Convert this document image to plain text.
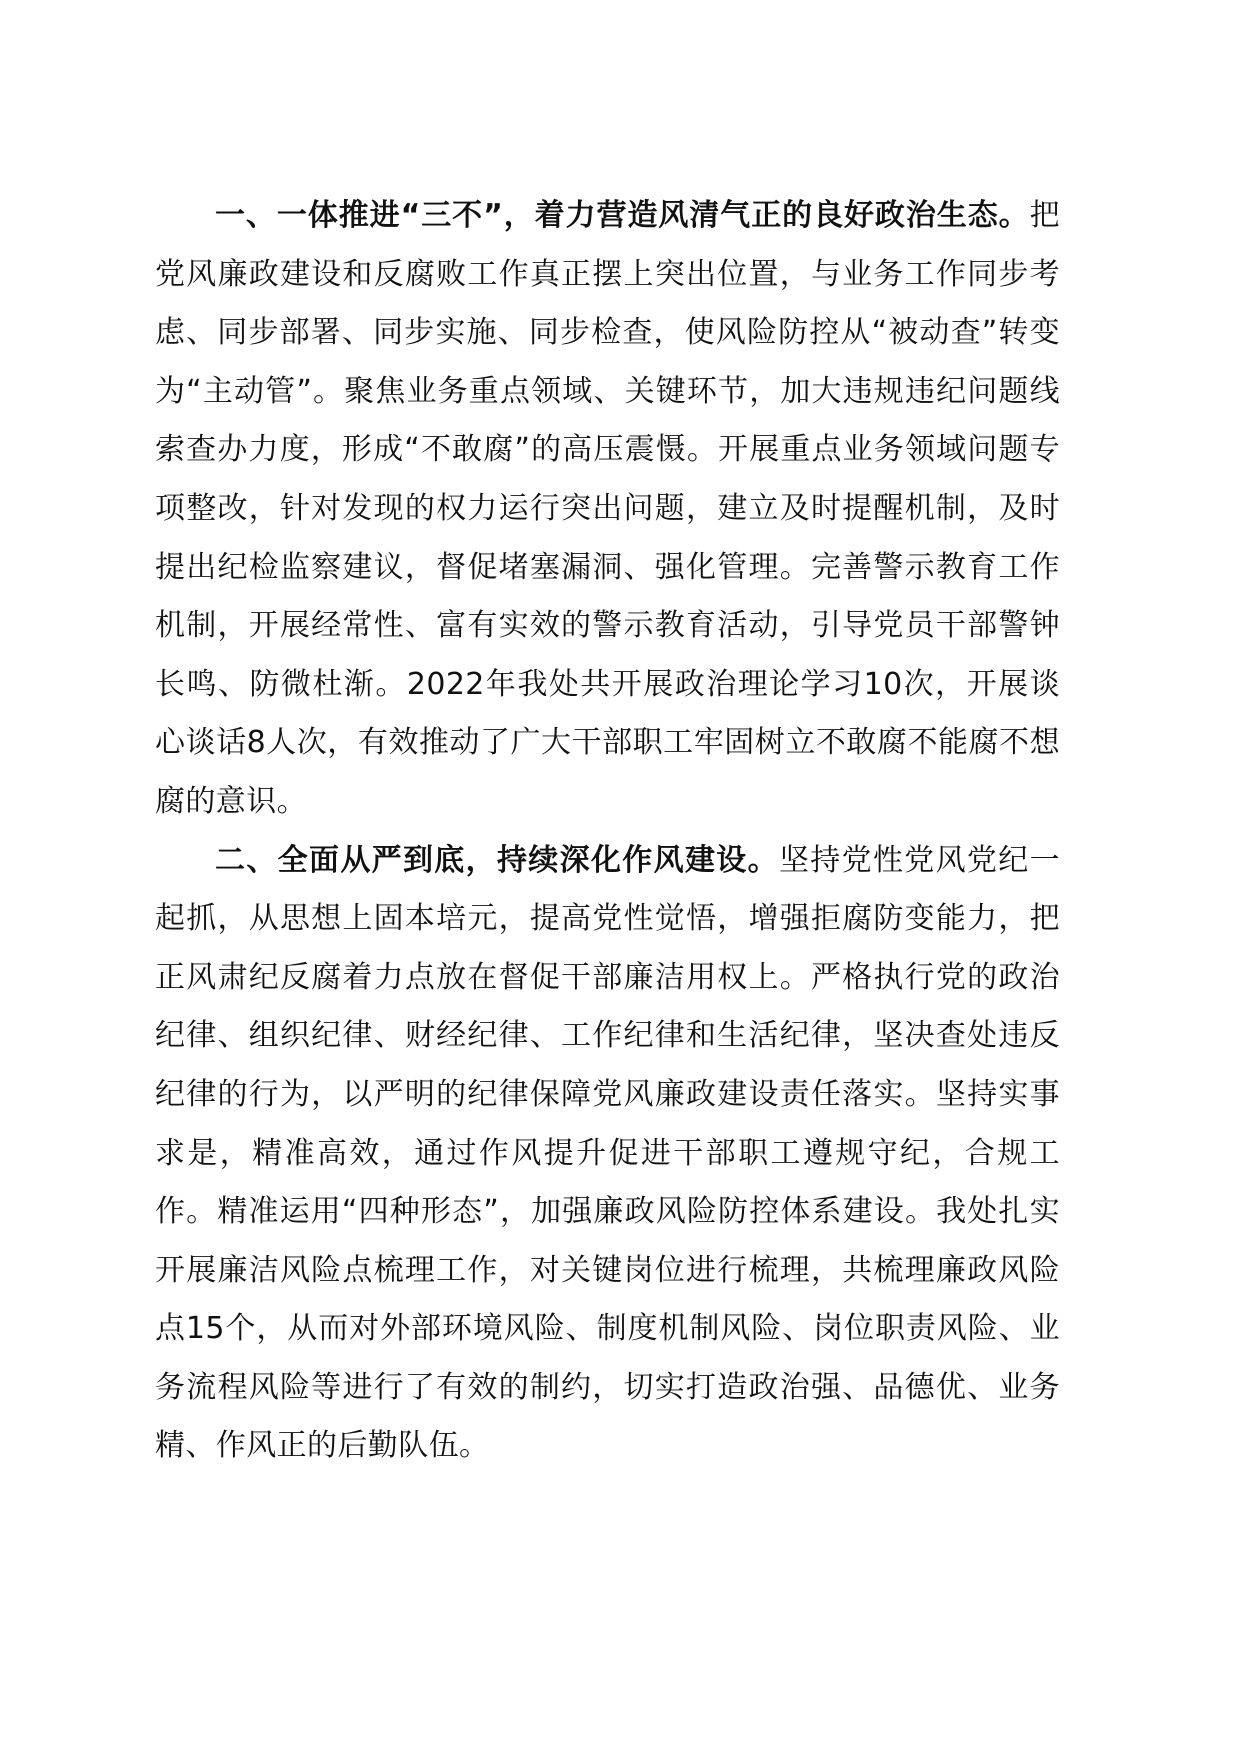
一、一体推进“三不”，着力营造风清气正的良好政治生态。把党风廉政建设和反腐败工作真正摆上突出位置，与业务工作同步考虑、同步部署、同步实施、同步检查，使风险防控从“被动查”转变为“主动管”。聚焦业务重点领域、关键环节，加大违规违纪问题线索查办力度，形成“不敢腐”的高压震慑。开展重点业务领域问题专项整改，针对发现的权力运行突出问题，建立及时提醒机制，及时提出纪检监察建议，督促堵塞漏洞、强化管理。完善警示教育工作机制，开展经常性、富有实效的警示教育活动，引导党员干部警钟长鸣、防微杜渐。2022年我处共开展政治理论学习10次，开展谈心谈话8人次，有效推动了广大干部职工牢固树立不敢腐不能腐不想腐的意识。

二、全面从严到底，持续深化作风建设。坚持党性党风党纪一起抓，从思想上固本培元，提高党性觉悟，增强拒腐防变能力，把正风肃纪反腐着力点放在督促干部廉洁用权上。严格执行党的政治纪律、组织纪律、财经纪律、工作纪律和生活纪律，坚决查处违反纪律的行为，以严明的纪律保障党风廉政建设责任落实。坚持实事求是，精准高效，通过作风提升促进干部职工遵规守纪，合规工作。精准运用“四种形态”，加强廉政风险防控体系建设。我处扎实开展廉洁风险点梳理工作，对关键岗位进行梳理，共梳理廉政风险点15个，从而对外部环境风险、制度机制风险、岗位职责风险、业务流程风险等进行了有效的制约，切实打造政治强、品德优、业务精、作风正的后勤队伍。
